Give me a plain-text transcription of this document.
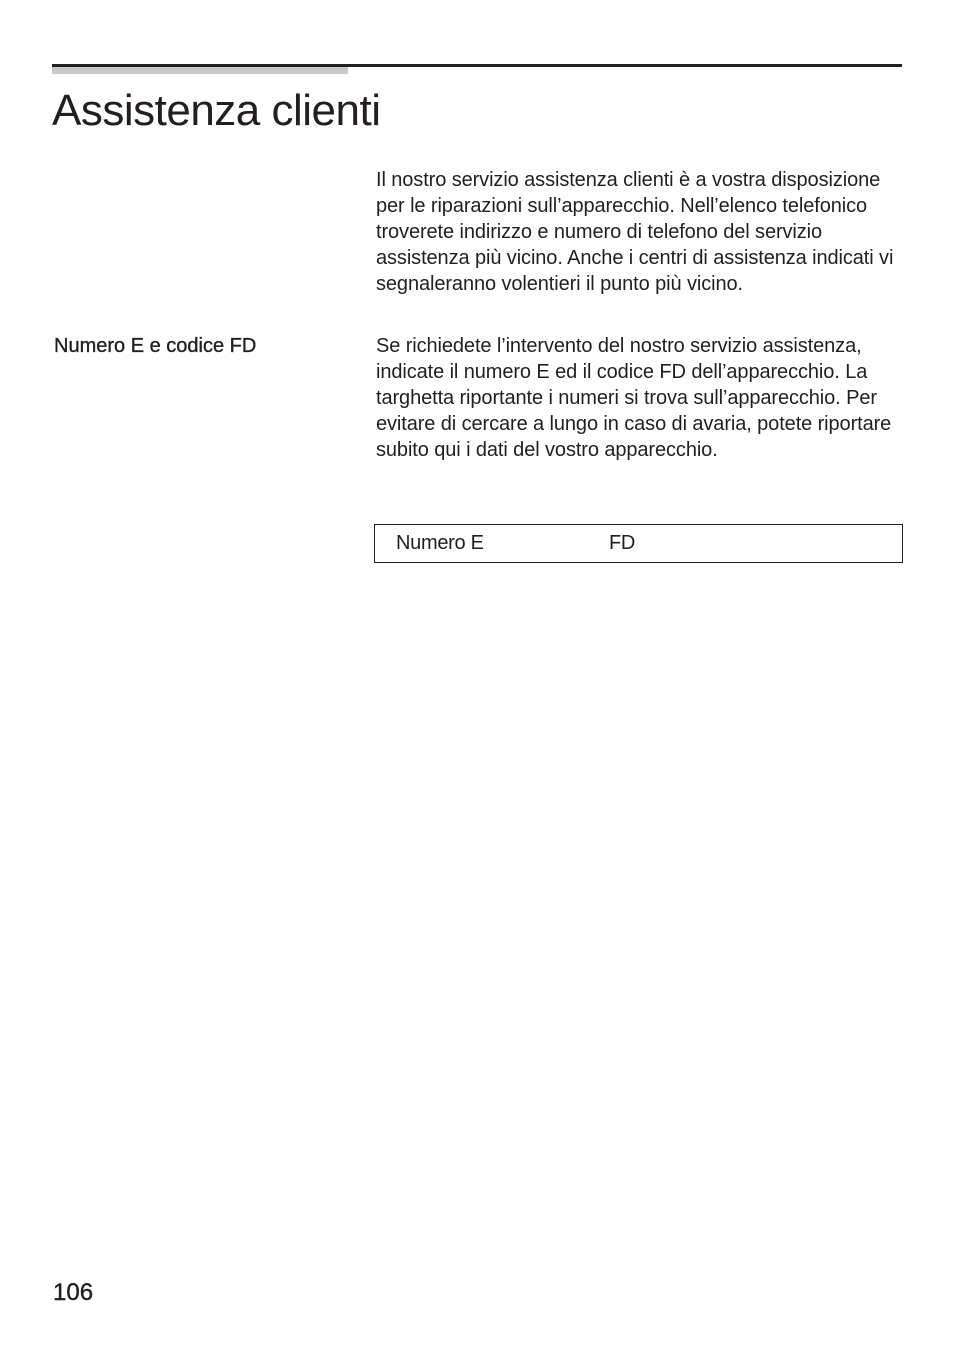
Assistenza clienti

Il nostro servizio assistenza clienti è a vostra disposizione per le riparazioni sull’apparecchio. Nell’elenco telefonico troverete indirizzo e numero di telefono del servizio assistenza più vicino. Anche i centri di assistenza indicati vi segnaleranno volentieri il punto più vicino.

Numero E e codice FD	Se richiedete l’intervento del nostro servizio assistenza, indicate il numero E ed il codice FD dell’apparecchio. La targhetta riportante i numeri si trova sull’apparecchio. Per evitare di cercare a lungo in caso di avaria, potete riportare subito qui i dati del vostro apparecchio.

Numero E	FD
106
